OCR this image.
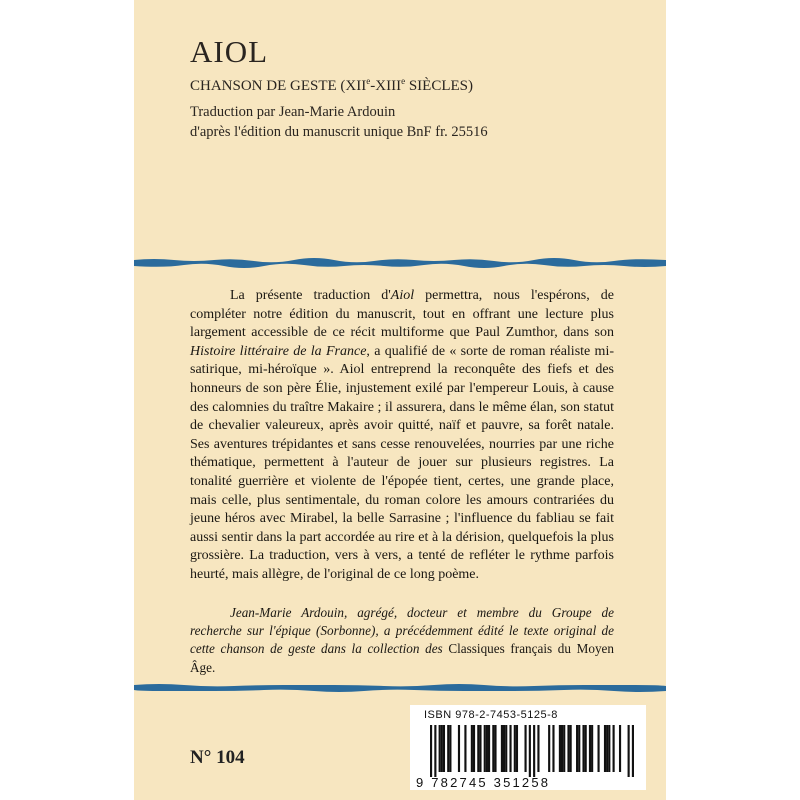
AIOL
CHANSON DE GESTE (XIIe-XIIIe SIÈCLES)
Traduction par Jean-Marie Ardouin
d'après l'édition du manuscrit unique BnF fr. 25516

La présente traduction d'Aiol permettra, nous l'espérons, de compléter notre édition du manuscrit, tout en offrant une lecture plus largement accessible de ce récit multiforme que Paul Zumthor, dans son Histoire littéraire de la France, a qualifié de « sorte de roman réaliste mi-satirique, mi-héroïque ». Aiol entreprend la reconquête des fiefs et des honneurs de son père Élie, injustement exilé par l'empereur Louis, à cause des calomnies du traître Makaire ; il assurera, dans le même élan, son statut de chevalier valeureux, après avoir quitté, naïf et pauvre, sa forêt natale. Ses aventures trépidantes et sans cesse renouvelées, nourries par une riche thématique, permettent à l'auteur de jouer sur plusieurs registres. La tonalité guerrière et violente de l'épopée tient, certes, une grande place, mais celle, plus sentimentale, du roman colore les amours contrariées du jeune héros avec Mirabel, la belle Sarrasine ; l'influence du fabliau se fait aussi sentir dans la part accordée au rire et à la dérision, quelquefois la plus grossière. La traduction, vers à vers, a tenté de refléter le rythme parfois heurté, mais allègre, de l'original de ce long poème.

Jean-Marie Ardouin, agrégé, docteur et membre du Groupe de recherche sur l'épique (Sorbonne), a précédemment édité le texte original de cette chanson de geste dans la collection des Classiques français du Moyen Âge.

N° 104
ISBN 978-2-7453-5125-8
9 782745 351258
